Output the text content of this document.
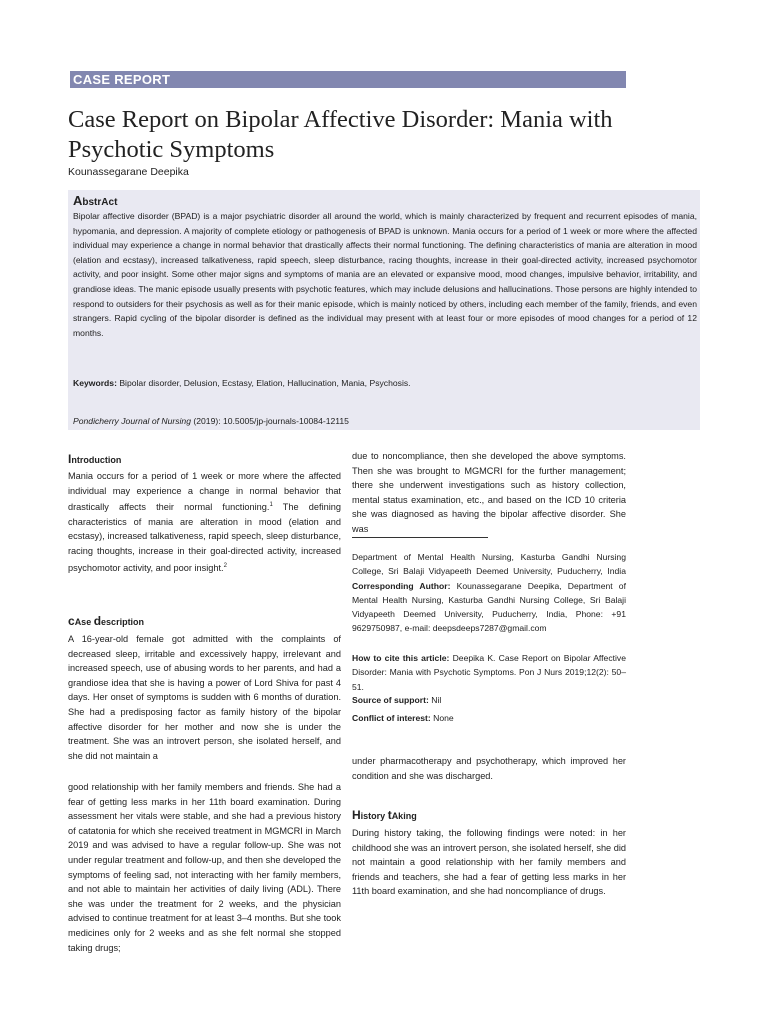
CASE REPORT
Case Report on Bipolar Affective Disorder: Mania with Psychotic Symptoms
Kounassegarane Deepika
AbstrAct
Bipolar affective disorder (BPAD) is a major psychiatric disorder all around the world, which is mainly characterized by frequent and recurrent episodes of mania, hypomania, and depression. A majority of complete etiology or pathogenesis of BPAD is unknown. Mania occurs for a period of 1 week or more where the affected individual may experience a change in normal behavior that drastically affects their normal functioning. The defining characteristics of mania are alteration in mood (elation and ecstasy), increased talkativeness, rapid speech, sleep disturbance, racing thoughts, increase in their goal-directed activity, increased psychomotor activity, and poor insight. Some other major signs and symptoms of mania are an elevated or expansive mood, mood changes, impulsive behavior, irritability, and grandiose ideas. The manic episode usually presents with psychotic features, which may include delusions and hallucinations. Those persons are highly intended to respond to outsiders for their psychosis as well as for their manic episode, which is mainly noticed by others, including each member of the family, friends, and even strangers. Rapid cycling of the bipolar disorder is defined as the individual may present with at least four or more episodes of mood changes for a period of 12 months.
Keywords: Bipolar disorder, Delusion, Ecstasy, Elation, Hallucination, Mania, Psychosis.
Pondicherry Journal of Nursing (2019): 10.5005/jp-journals-10084-12115
Introduction
Mania occurs for a period of 1 week or more where the affected individual may experience a change in normal behavior that drastically affects their normal functioning.$^1$ The defining characteristics of mania are alteration in mood (elation and ecstasy), increased talkativeness, rapid speech, sleep disturbance, racing thoughts, increase in their goal-directed activity, increased psychomotor activity, and poor insight.$^2$
cAse description
A 16-year-old female got admitted with the complaints of decreased sleep, irritable and excessively happy, irrelevant and increased speech, use of abusing words to her parents, and had a grandiose idea that she is having a power of Lord Shiva for past 4 days. Her onset of symptoms is sudden with 6 months of duration. She had a predisposing factor as family history of the bipolar affective disorder for her mother and now she is under the treatment. She was an introvert person, she isolated herself, and she did not maintain a
good relationship with her family members and friends. She had a fear of getting less marks in her 11th board examination. During assessment her vitals were stable, and she had a previous history of catatonia for which she received treatment in MGMCRI in March 2019 and was advised to have a regular follow-up. She was not under regular treatment and follow-up, and then she developed the symptoms of feeling sad, not interacting with her family members, and not able to maintain her activities of daily living (ADL). There she was under the treatment for 2 weeks, and the physician advised to continue treatment for at least 3–4 months. But she took medicines only for 2 weeks and as she felt normal she stopped taking drugs;
due to noncompliance, then she developed the above symptoms. Then she was brought to MGMCRI for the further management; there she underwent investigations such as history collection, mental status examination, etc., and based on the ICD 10 criteria she was diagnosed as having the bipolar affective disorder. She was
Department of Mental Health Nursing, Kasturba Gandhi Nursing College, Sri Balaji Vidyapeeth Deemed University, Puducherry, India Corresponding Author: Kounassegarane Deepika, Department of Mental Health Nursing, Kasturba Gandhi Nursing College, Sri Balaji Vidyapeeth Deemed University, Puducherry, India, Phone: +91 9629750987, e-mail: deepsdeeps7287@gmail.com
How to cite this article: Deepika K. Case Report on Bipolar Affective Disorder: Mania with Psychotic Symptoms. Pon J Nurs 2019;12(2): 50–51.
Source of support: Nil
Conflict of interest: None
under pharmacotherapy and psychotherapy, which improved her condition and she was discharged.
History tAking
During history taking, the following findings were noted: in her childhood she was an introvert person, she isolated herself, she did not maintain a good relationship with her family members and friends and teachers, she had a fear of getting less marks in her 11th board examination, and she had noncompliance of drugs.
